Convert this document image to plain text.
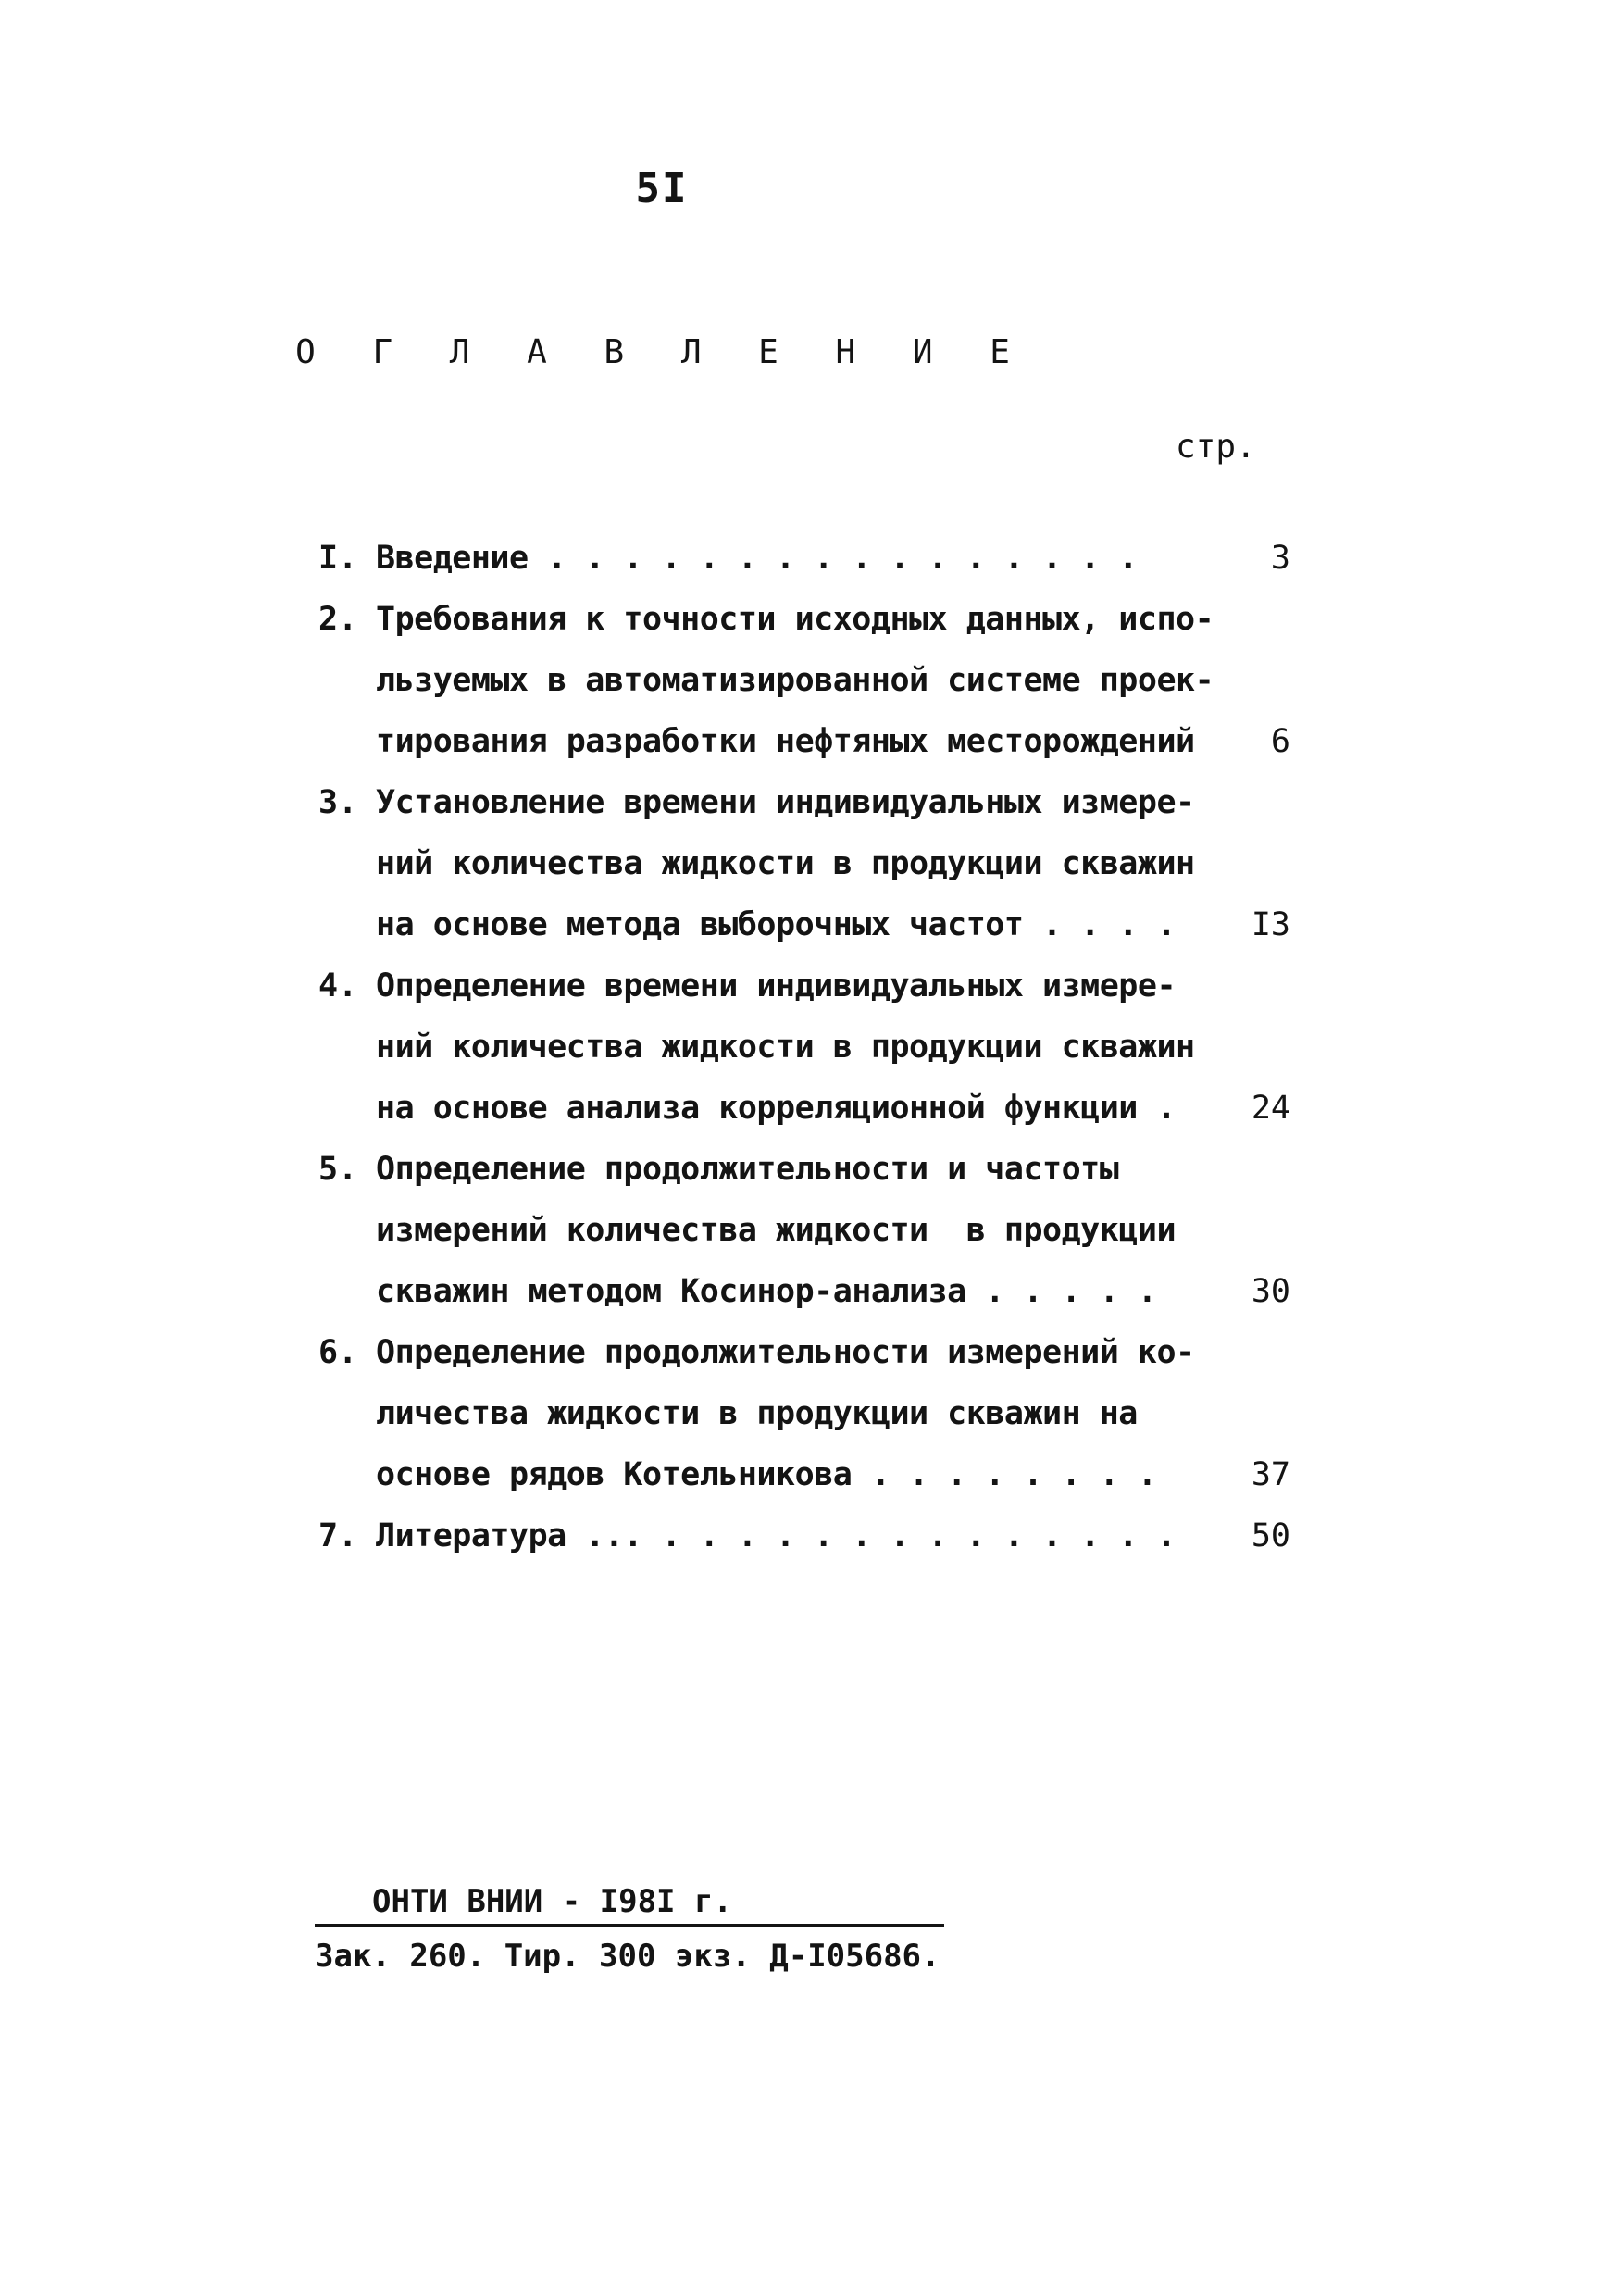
5I
О Г Л А В Л Е Н И Е
стр.
I. Введение . . . . . . . . . . . . . . . .	3
2. Требования к точности исходных данных, испо-
льзуемых в автоматизированной системе проек-
тирования разработки нефтяных месторождений	6
3. Установление времени индивидуальных измере-
ний количества жидкости в продукции скважин
на основе метода выборочных частот . . . .	I3
4. Определение времени индивидуальных измере-
ний количества жидкости в продукции скважин
на основе анализа корреляционной функции .	24
5. Определение продолжительности и частоты
измерений количества жидкости  в продукции
скважин методом Косинор-анализа . . . . .	30
6. Определение продолжительности измерений ко-
личества жидкости в продукции скважин на
основе рядов Котельникова . . . . . . . .	37
7. Литература ... . . . . . . . . . . . . . .	50
ОНТИ ВНИИ - I98I г.
Зак. 260. Тир. 300 экз. Д-I05686.
